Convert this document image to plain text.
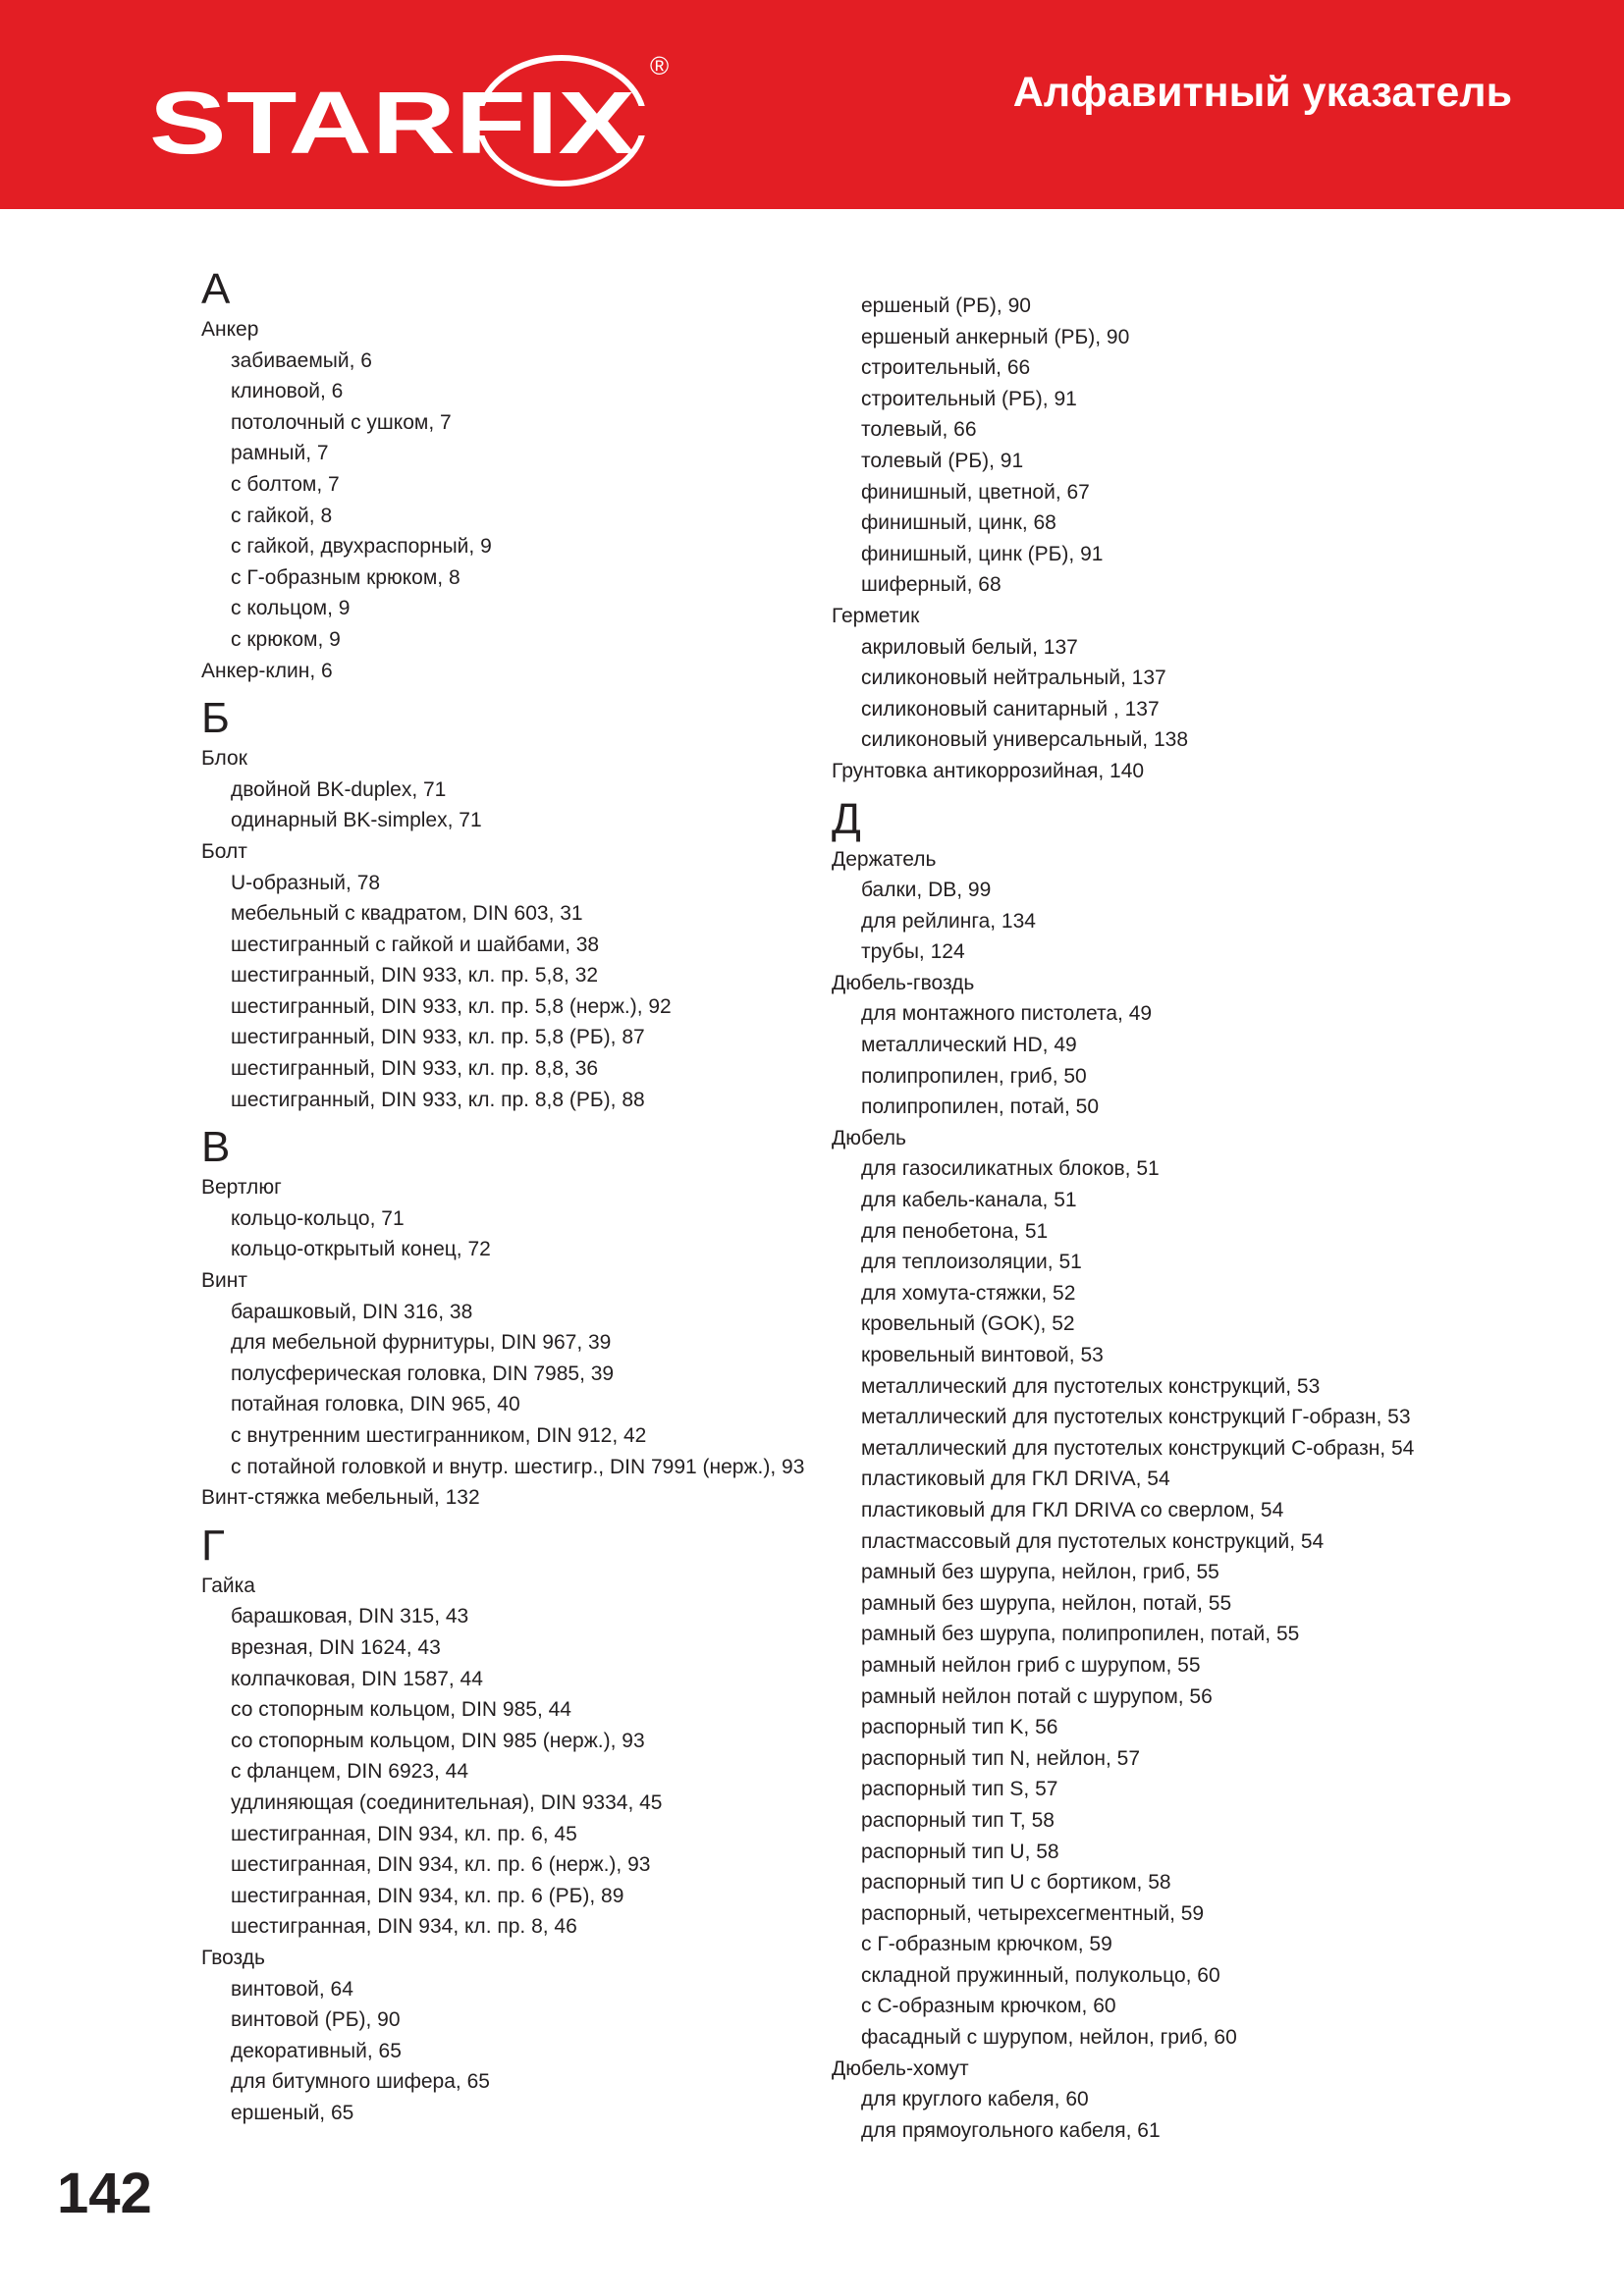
STARFIX
®
Алфавитный указатель
А
Анкер
забиваемый, 6
клиновой, 6
потолочный с ушком, 7
рамный, 7
с болтом, 7
с гайкой, 8
с гайкой, двухраспорный, 9
с Г-образным крюком, 8
с кольцом, 9
с крюком, 9
Анкер-клин, 6
Б
Блок
двойной BK-duplex, 71
одинарный BK-simplex, 71
Болт
U-образный, 78
мебельный с квадратом, DIN 603, 31
шестигранный с гайкой и шайбами, 38
шестигранный, DIN 933, кл. пр. 5,8, 32
шестигранный, DIN 933, кл. пр. 5,8 (нерж.), 92
шестигранный, DIN 933, кл. пр. 5,8 (РБ), 87
шестигранный, DIN 933, кл. пр. 8,8, 36
шестигранный, DIN 933, кл. пр. 8,8 (РБ), 88
В
Вертлюг
кольцо-кольцо, 71
кольцо-открытый конец, 72
Винт
барашковый, DIN 316, 38
для мебельной фурнитуры, DIN 967, 39
полусферическая головка, DIN 7985, 39
потайная головка, DIN 965, 40
с внутренним шестигранником, DIN 912, 42
с потайной головкой и внутр. шестигр., DIN 7991 (нерж.), 93
Винт-стяжка мебельный, 132
Г
Гайка
барашковая, DIN 315, 43
врезная, DIN 1624, 43
колпачковая, DIN 1587, 44
со стопорным кольцом, DIN 985, 44
со стопорным кольцом, DIN 985 (нерж.), 93
с фланцем, DIN 6923, 44
удлиняющая (соединительная), DIN 9334, 45
шестигранная, DIN 934, кл. пр. 6, 45
шестигранная, DIN 934, кл. пр. 6 (нерж.), 93
шестигранная, DIN 934, кл. пр. 6 (РБ), 89
шестигранная, DIN 934, кл. пр. 8, 46
Гвоздь
винтовой, 64
винтовой (РБ), 90
декоративный, 65
для битумного шифера, 65
ершеный, 65
ершеный (РБ), 90
ершеный анкерный (РБ), 90
строительный, 66
строительный (РБ), 91
толевый, 66
толевый (РБ), 91
финишный, цветной, 67
финишный, цинк, 68
финишный, цинк (РБ), 91
шиферный, 68
Герметик
акриловый белый, 137
силиконовый нейтральный, 137
силиконовый санитарный , 137
силиконовый универсальный, 138
Грунтовка антикоррозийная, 140
Д
Держатель
балки, DB, 99
для рейлинга, 134
трубы, 124
Дюбель-гвоздь
для монтажного пистолета, 49
металлический HD, 49
полипропилен, гриб, 50
полипропилен, потай, 50
Дюбель
для газосиликатных блоков, 51
для кабель-канала, 51
для пенобетона, 51
для теплоизоляции, 51
для хомута-стяжки, 52
кровельный (GOK), 52
кровельный винтовой, 53
металлический для пустотелых конструкций, 53
металлический для пустотелых конструкций Г-образн, 53
металлический для пустотелых конструкций С-образн, 54
пластиковый для ГКЛ DRIVA, 54
пластиковый для ГКЛ DRIVA со сверлом, 54
пластмассовый для пустотелых конструкций, 54
рамный без шурупа, нейлон, гриб, 55
рамный без шурупа, нейлон, потай, 55
рамный без шурупа, полипропилен, потай, 55
рамный нейлон гриб с шурупом, 55
рамный нейлон потай с шурупом, 56
распорный тип K, 56
распорный тип N, нейлон, 57
распорный тип S, 57
распорный тип T, 58
распорный тип U, 58
распорный тип U с бортиком, 58
распорный, четырехсегментный, 59
с Г-образным крючком, 59
складной пружинный, полукольцо, 60
с С-образным крючком, 60
фасадный с шурупом, нейлон, гриб, 60
Дюбель-хомут
для круглого кабеля, 60
для прямоугольного кабеля, 61
142
